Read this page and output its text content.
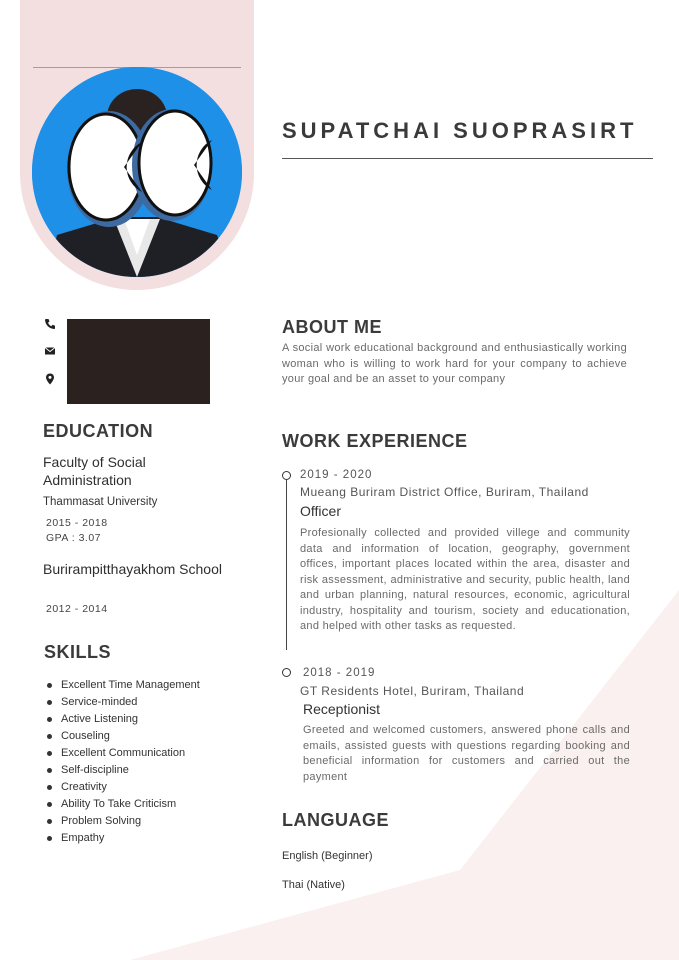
SUPATCHAI SUOPRASIRT
EDUCATION
Faculty of Social Administration
Thammasat University
2015 - 2018
GPA : 3.07
Burirampitthayakhom School
2012 - 2014
SKILLS
Excellent Time Management
Service-minded
Active Listening
Couseling
Excellent Communication
Self-discipline
Creativity
Ability To Take Criticism
Problem Solving
Empathy
ABOUT ME

A social work educational background and enthusiastically working woman who is willing to work hard for your company to achieve your goal and be an asset to your company

WORK EXPERIENCE
2019 - 2020
Mueang Buriram District Office, Buriram, Thailand
Officer

Profesionally collected and provided villege and community data and information of location, geography, government offices, important places located within the area, disaster and risk assessment, administrative and security, public health, land and urban planning, natural resources, economic, agricultural industry, hospitality and tourism, society and educationation, and helped with other tasks as requested.

2018 - 2019
GT Residents Hotel, Buriram, Thailand
Receptionist

Greeted and welcomed customers, answered phone calls and emails, assisted guests with questions regarding booking and beneficial information for customers and carried out the payment

LANGUAGE
English (Beginner)
Thai (Native)
